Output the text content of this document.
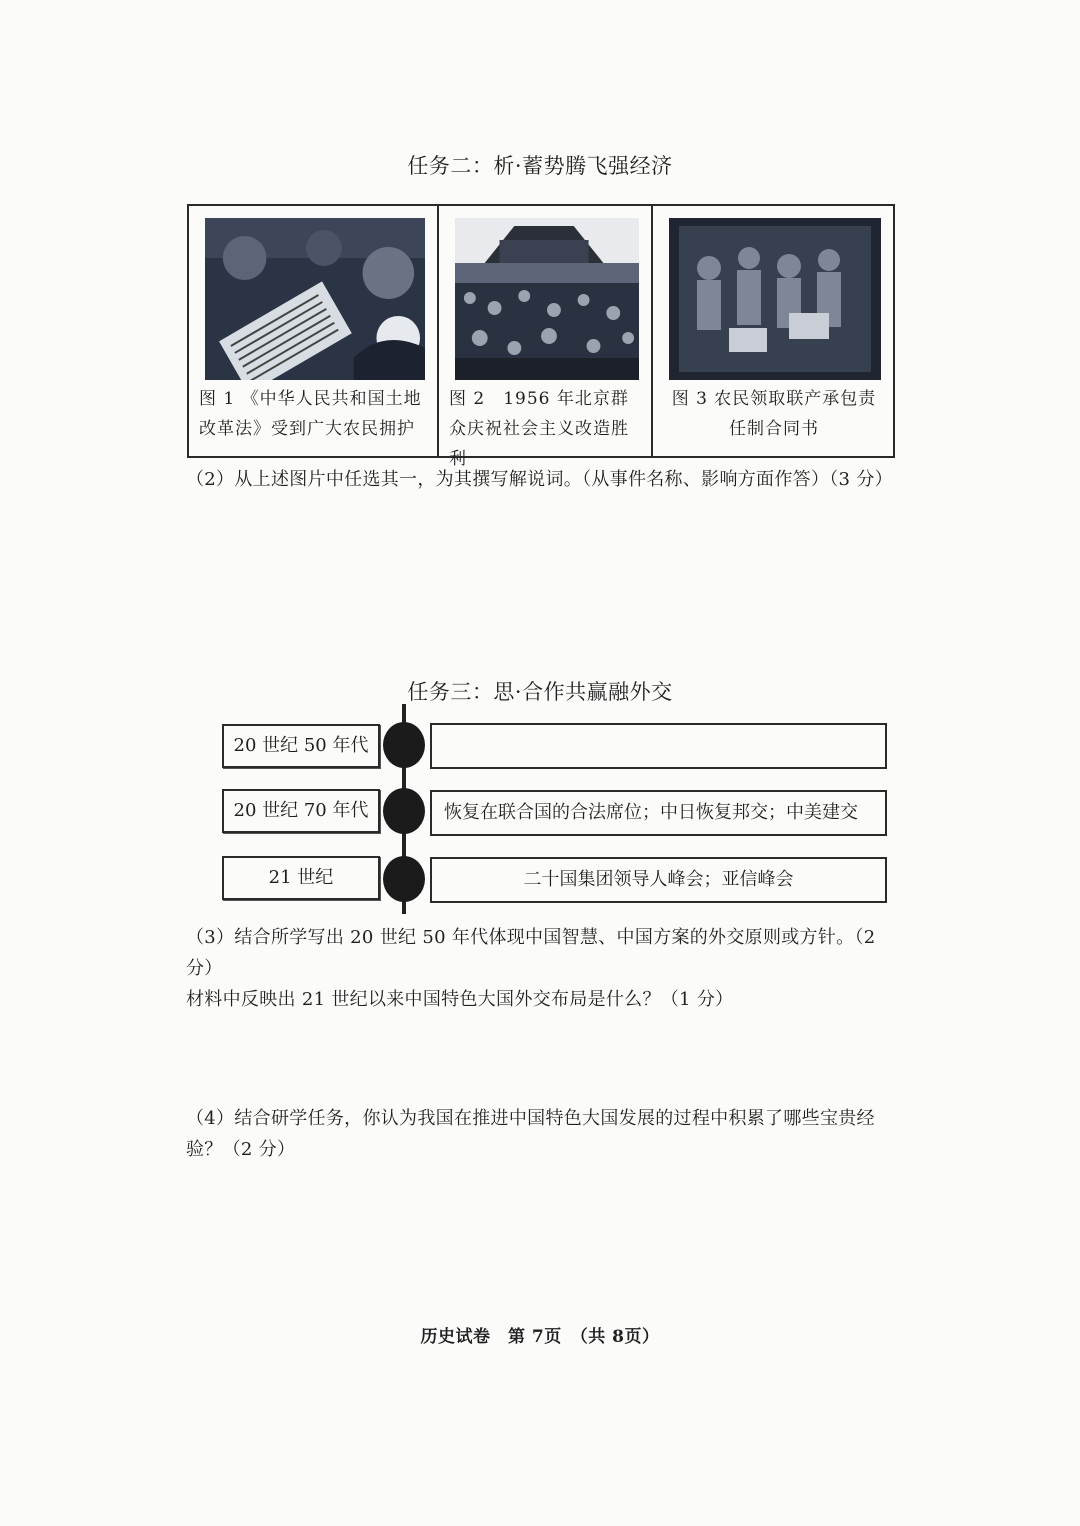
任务二：析·蓄势腾飞强经济
图 1 《中华人民共和国土地改革法》受到广大农民拥护
图 2　1956 年北京群众庆祝社会主义改造胜利
图 3 农民领取联产承包责任制合同书
（2）从上述图片中任选其一，为其撰写解说词。（从事件名称、影响方面作答）（3 分）
任务三：思·合作共赢融外交
20 世纪 50 年代
20 世纪 70 年代
21 世纪
恢复在联合国的合法席位；中日恢复邦交；中美建交
二十国集团领导人峰会；亚信峰会
（3）结合所学写出 20 世纪 50 年代体现中国智慧、中国方案的外交原则或方针。（2 分）
材料中反映出 21 世纪以来中国特色大国外交布局是什么？（1 分）
（4）结合研学任务，你认为我国在推进中国特色大国发展的过程中积累了哪些宝贵经验？（2 分）
历史试卷　第 7页　（共 8页）
